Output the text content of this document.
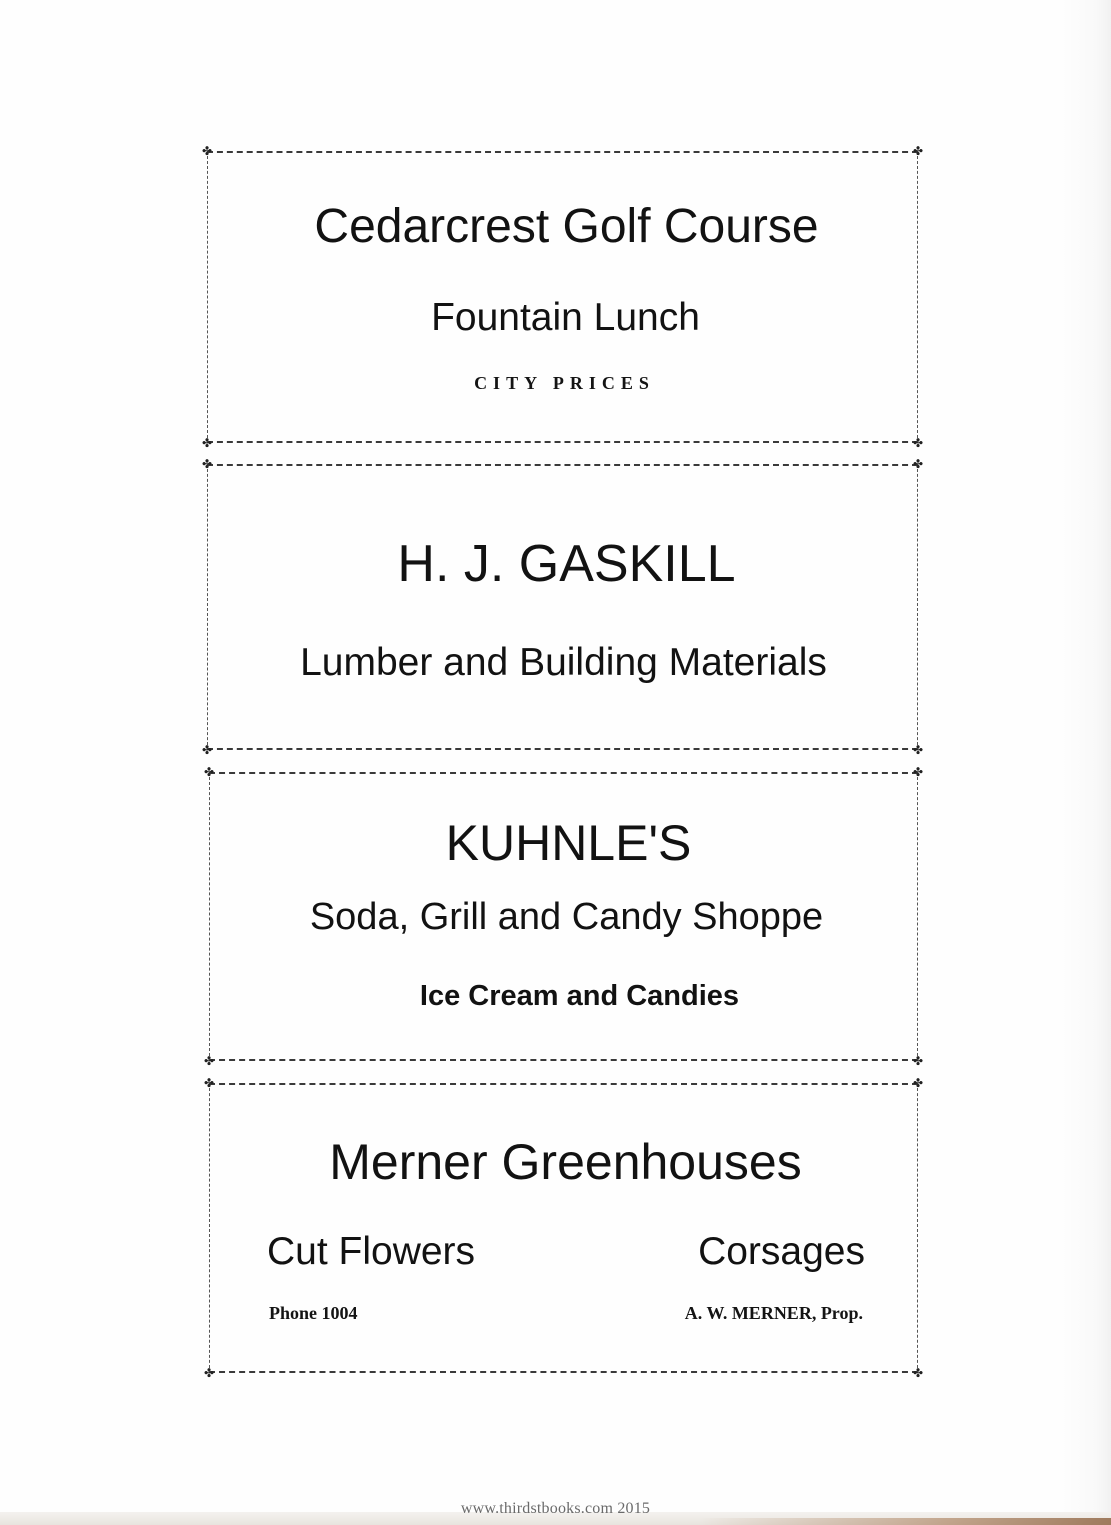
✤	✤
✤	✤
Cedarcrest Golf Course
Fountain Lunch
CITY PRICES
✤	✤
✤	✤
H. J. GASKILL
Lumber and Building Materials
✤	✤
✤	✤
KUHNLE'S
Soda, Grill and Candy Shoppe
Ice Cream and Candies
✤	✤
✤	✤
Merner Greenhouses
Cut Flowers	Corsages
Phone 1004	A. W. MERNER, Prop.
www.thirdstbooks.com 2015
